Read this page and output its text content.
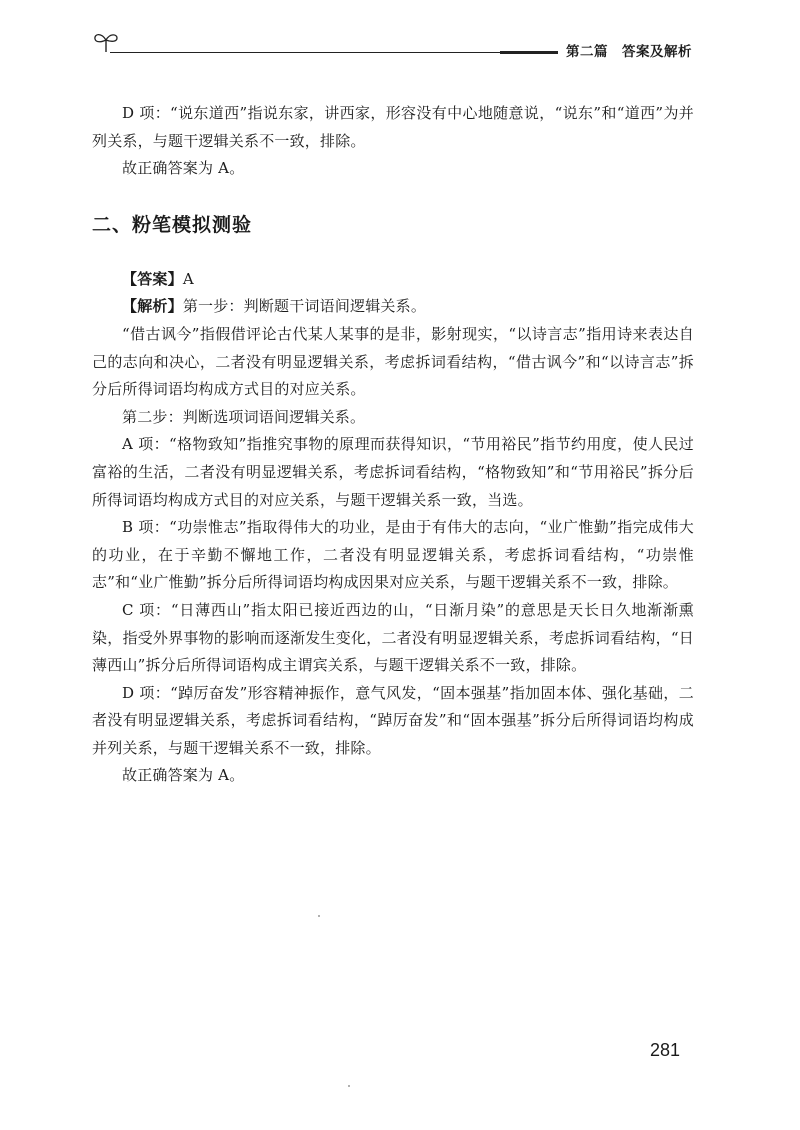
第二篇　答案及解析

D 项：“说东道西”指说东家，讲西家，形容没有中心地随意说，“说东”和“道西”为并列关系，与题干逻辑关系不一致，排除。

故正确答案为 A。

二、粉笔模拟测验

【答案】A

【解析】第一步：判断题干词语间逻辑关系。

“借古讽今”指假借评论古代某人某事的是非，影射现实，“以诗言志”指用诗来表达自己的志向和决心，二者没有明显逻辑关系，考虑拆词看结构，“借古讽今”和“以诗言志”拆分后所得词语均构成方式目的对应关系。

第二步：判断选项词语间逻辑关系。

A 项：“格物致知”指推究事物的原理而获得知识，“节用裕民”指节约用度，使人民过富裕的生活，二者没有明显逻辑关系，考虑拆词看结构，“格物致知”和“节用裕民”拆分后所得词语均构成方式目的对应关系，与题干逻辑关系一致，当选。

B 项：“功崇惟志”指取得伟大的功业，是由于有伟大的志向，“业广惟勤”指完成伟大的功业，在于辛勤不懈地工作，二者没有明显逻辑关系，考虑拆词看结构，“功崇惟志”和“业广惟勤”拆分后所得词语均构成因果对应关系，与题干逻辑关系不一致，排除。

C 项：“日薄西山”指太阳已接近西边的山，“日渐月染”的意思是天长日久地渐渐熏染，指受外界事物的影响而逐渐发生变化，二者没有明显逻辑关系，考虑拆词看结构，“日薄西山”拆分后所得词语构成主谓宾关系，与题干逻辑关系不一致，排除。

D 项：“踔厉奋发”形容精神振作，意气风发，“固本强基”指加固本体、强化基础，二者没有明显逻辑关系，考虑拆词看结构，“踔厉奋发”和“固本强基”拆分后所得词语均构成并列关系，与题干逻辑关系不一致，排除。

故正确答案为 A。

281
